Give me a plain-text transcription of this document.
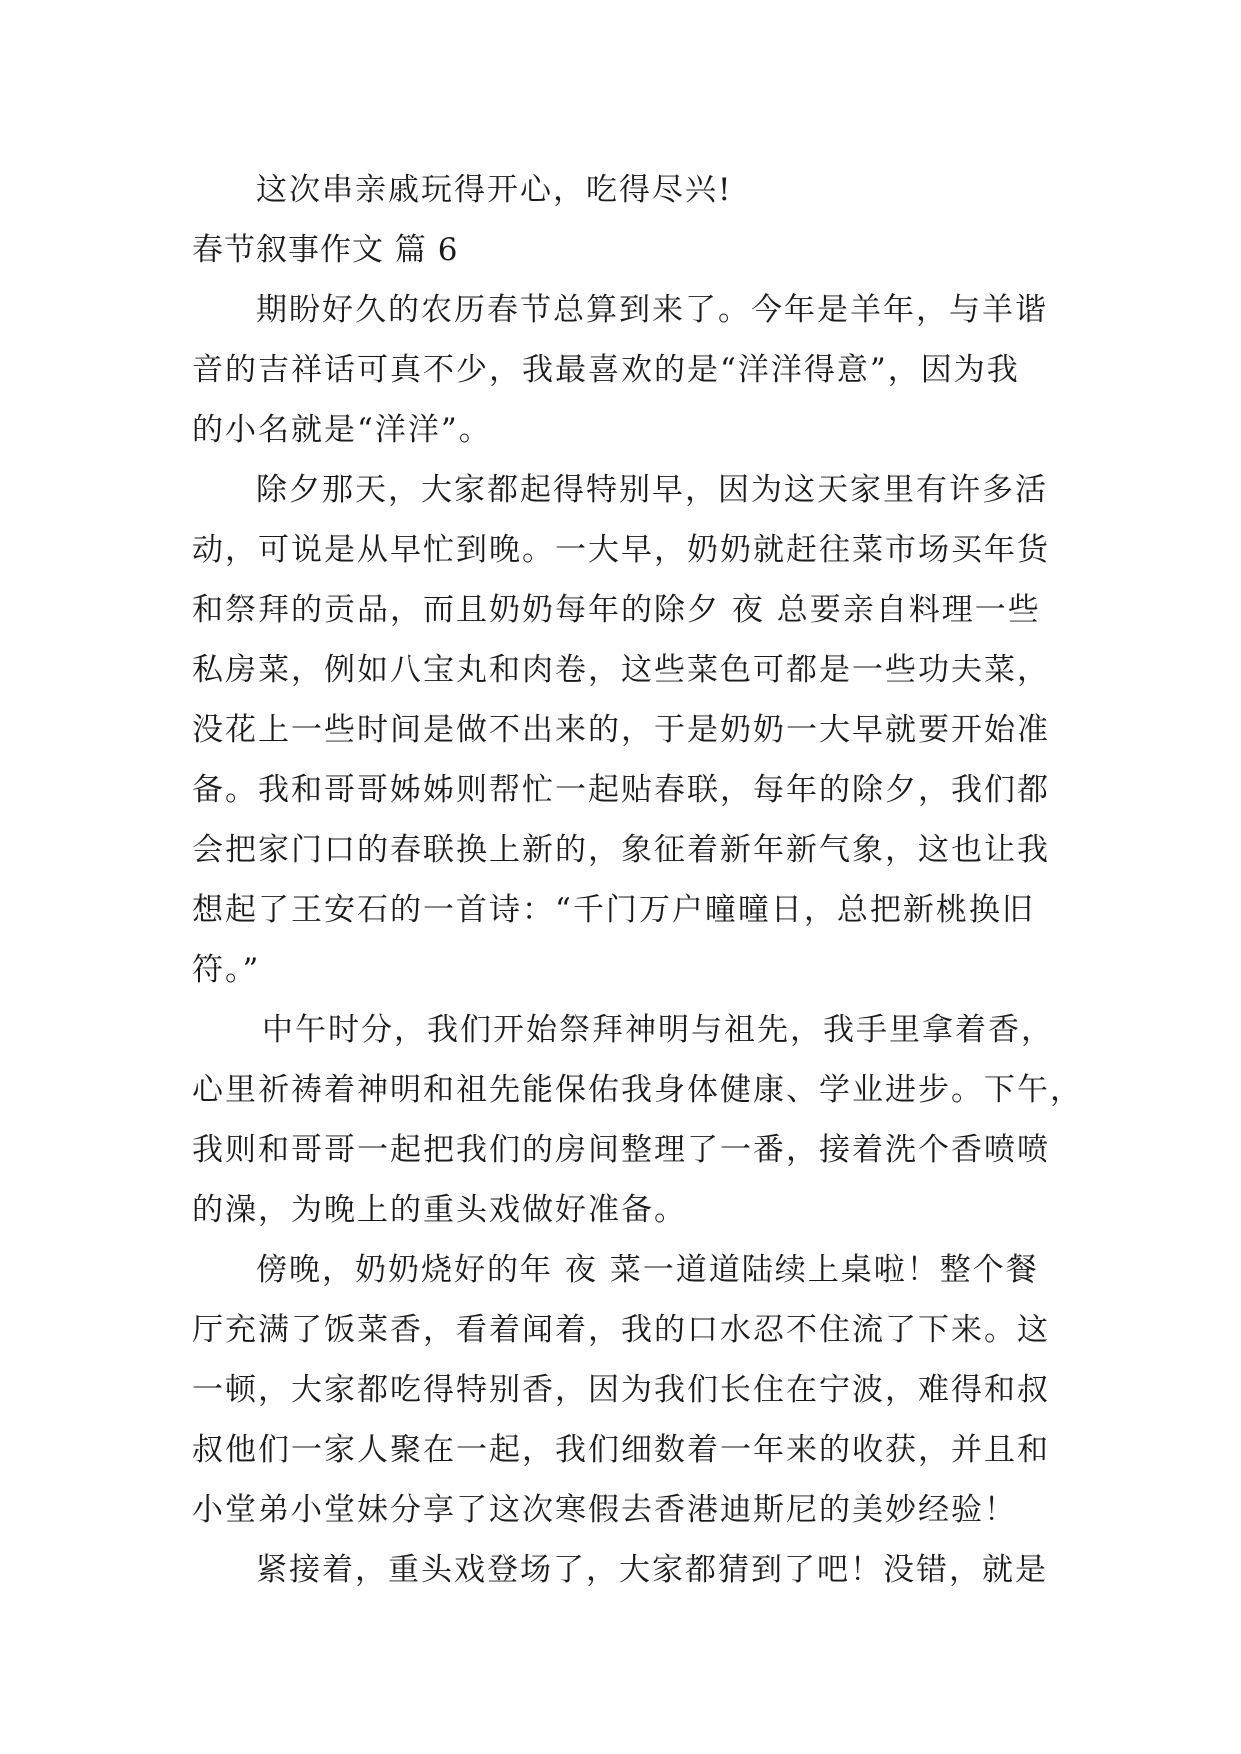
这次串亲戚玩得开心，吃得尽兴!
春节叙事作文 篇 6
期盼好久的农历春节总算到来了。今年是羊年，与羊谐
音的吉祥话可真不少，我最喜欢的是“洋洋得意”，因为我
的小名就是“洋洋”。
除夕那天，大家都起得特别早，因为这天家里有许多活
动，可说是从早忙到晚。一大早，奶奶就赶往菜市场买年货
和祭拜的贡品，而且奶奶每年的除夕 夜 总要亲自料理一些
私房菜，例如八宝丸和肉卷，这些菜色可都是一些功夫菜，
没花上一些时间是做不出来的，于是奶奶一大早就要开始准
备。我和哥哥姊姊则帮忙一起贴春联，每年的除夕，我们都
会把家门口的春联换上新的，象征着新年新气象，这也让我
想起了王安石的一首诗：“千门万户曈曈日，总把新桃换旧
符。”
中午时分，我们开始祭拜神明与祖先，我手里拿着香，
心里祈祷着神明和祖先能保佑我身体健康、学业进步。下午，
我则和哥哥一起把我们的房间整理了一番，接着洗个香喷喷
的澡，为晚上的重头戏做好准备。
傍晚，奶奶烧好的年 夜 菜一道道陆续上桌啦！整个餐
厅充满了饭菜香，看着闻着，我的口水忍不住流了下来。这
一顿，大家都吃得特别香，因为我们长住在宁波，难得和叔
叔他们一家人聚在一起，我们细数着一年来的收获，并且和
小堂弟小堂妹分享了这次寒假去香港迪斯尼的美妙经验！
紧接着，重头戏登场了，大家都猜到了吧！没错，就是
